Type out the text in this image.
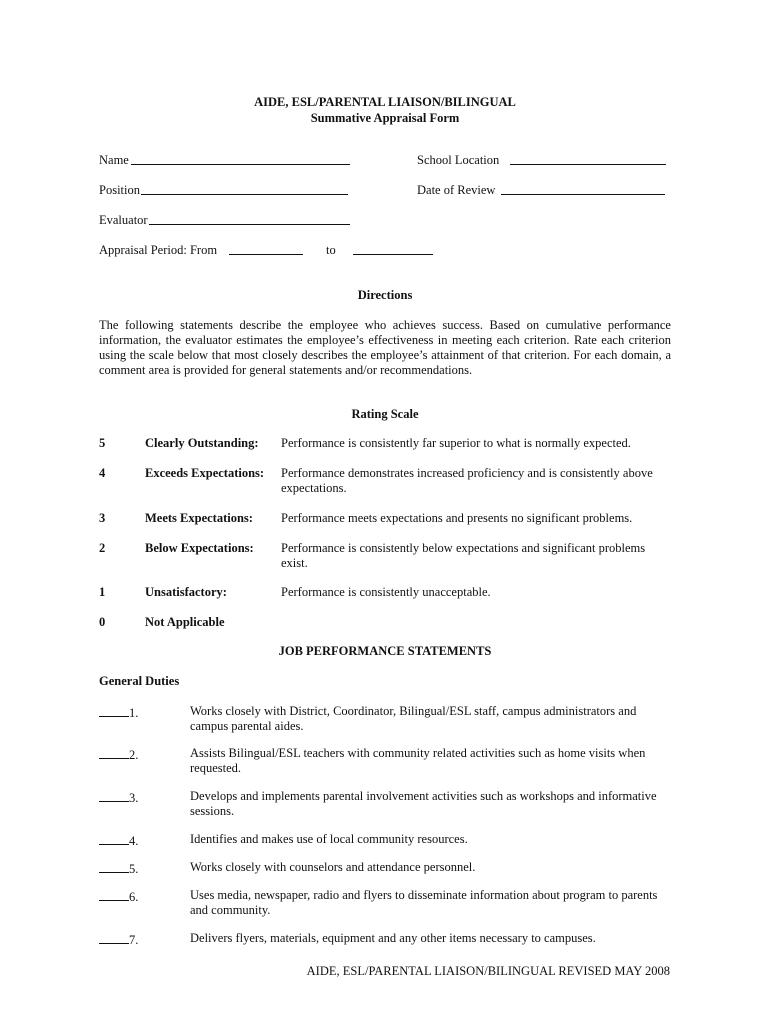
AIDE, ESL/PARENTAL LIAISON/BILINGUAL
Summative Appraisal Form
Name	School Location
Position	Date of Review
Evaluator
Appraisal Period: From	to
Directions
The following statements describe the employee who achieves success. Based on cumulative performance information, the evaluator estimates the employee’s effectiveness in meeting each criterion. Rate each criterion using the scale below that most closely describes the employee’s attainment of that criterion. For each domain, a comment area is provided for general statements and/or recommendations.
Rating Scale
5	Clearly Outstanding: Performance is consistently far superior to what is normally expected.
4	Exceeds Expectations: Performance demonstrates increased proficiency and is consistently above expectations.
3	Meets Expectations: Performance meets expectations and presents no significant problems.
2	Below Expectations: Performance is consistently below expectations and significant problems exist.
1	Unsatisfactory:	Performance is consistently unacceptable.
0	Not Applicable
JOB PERFORMANCE STATEMENTS
General Duties
1.	Works closely with District, Coordinator, Bilingual/ESL staff, campus administrators and campus parental aides.
2.	Assists Bilingual/ESL teachers with community related activities such as home visits when requested.
3.	Develops and implements parental involvement activities such as workshops and informative sessions.
4.	Identifies and makes use of local community resources.
5.	Works closely with counselors and attendance personnel.
6.	Uses media, newspaper, radio and flyers to disseminate information about program to parents and community.
7.	Delivers flyers, materials, equipment and any other items necessary to campuses.
AIDE, ESL/PARENTAL LIAISON/BILINGUAL REVISED MAY 2008
